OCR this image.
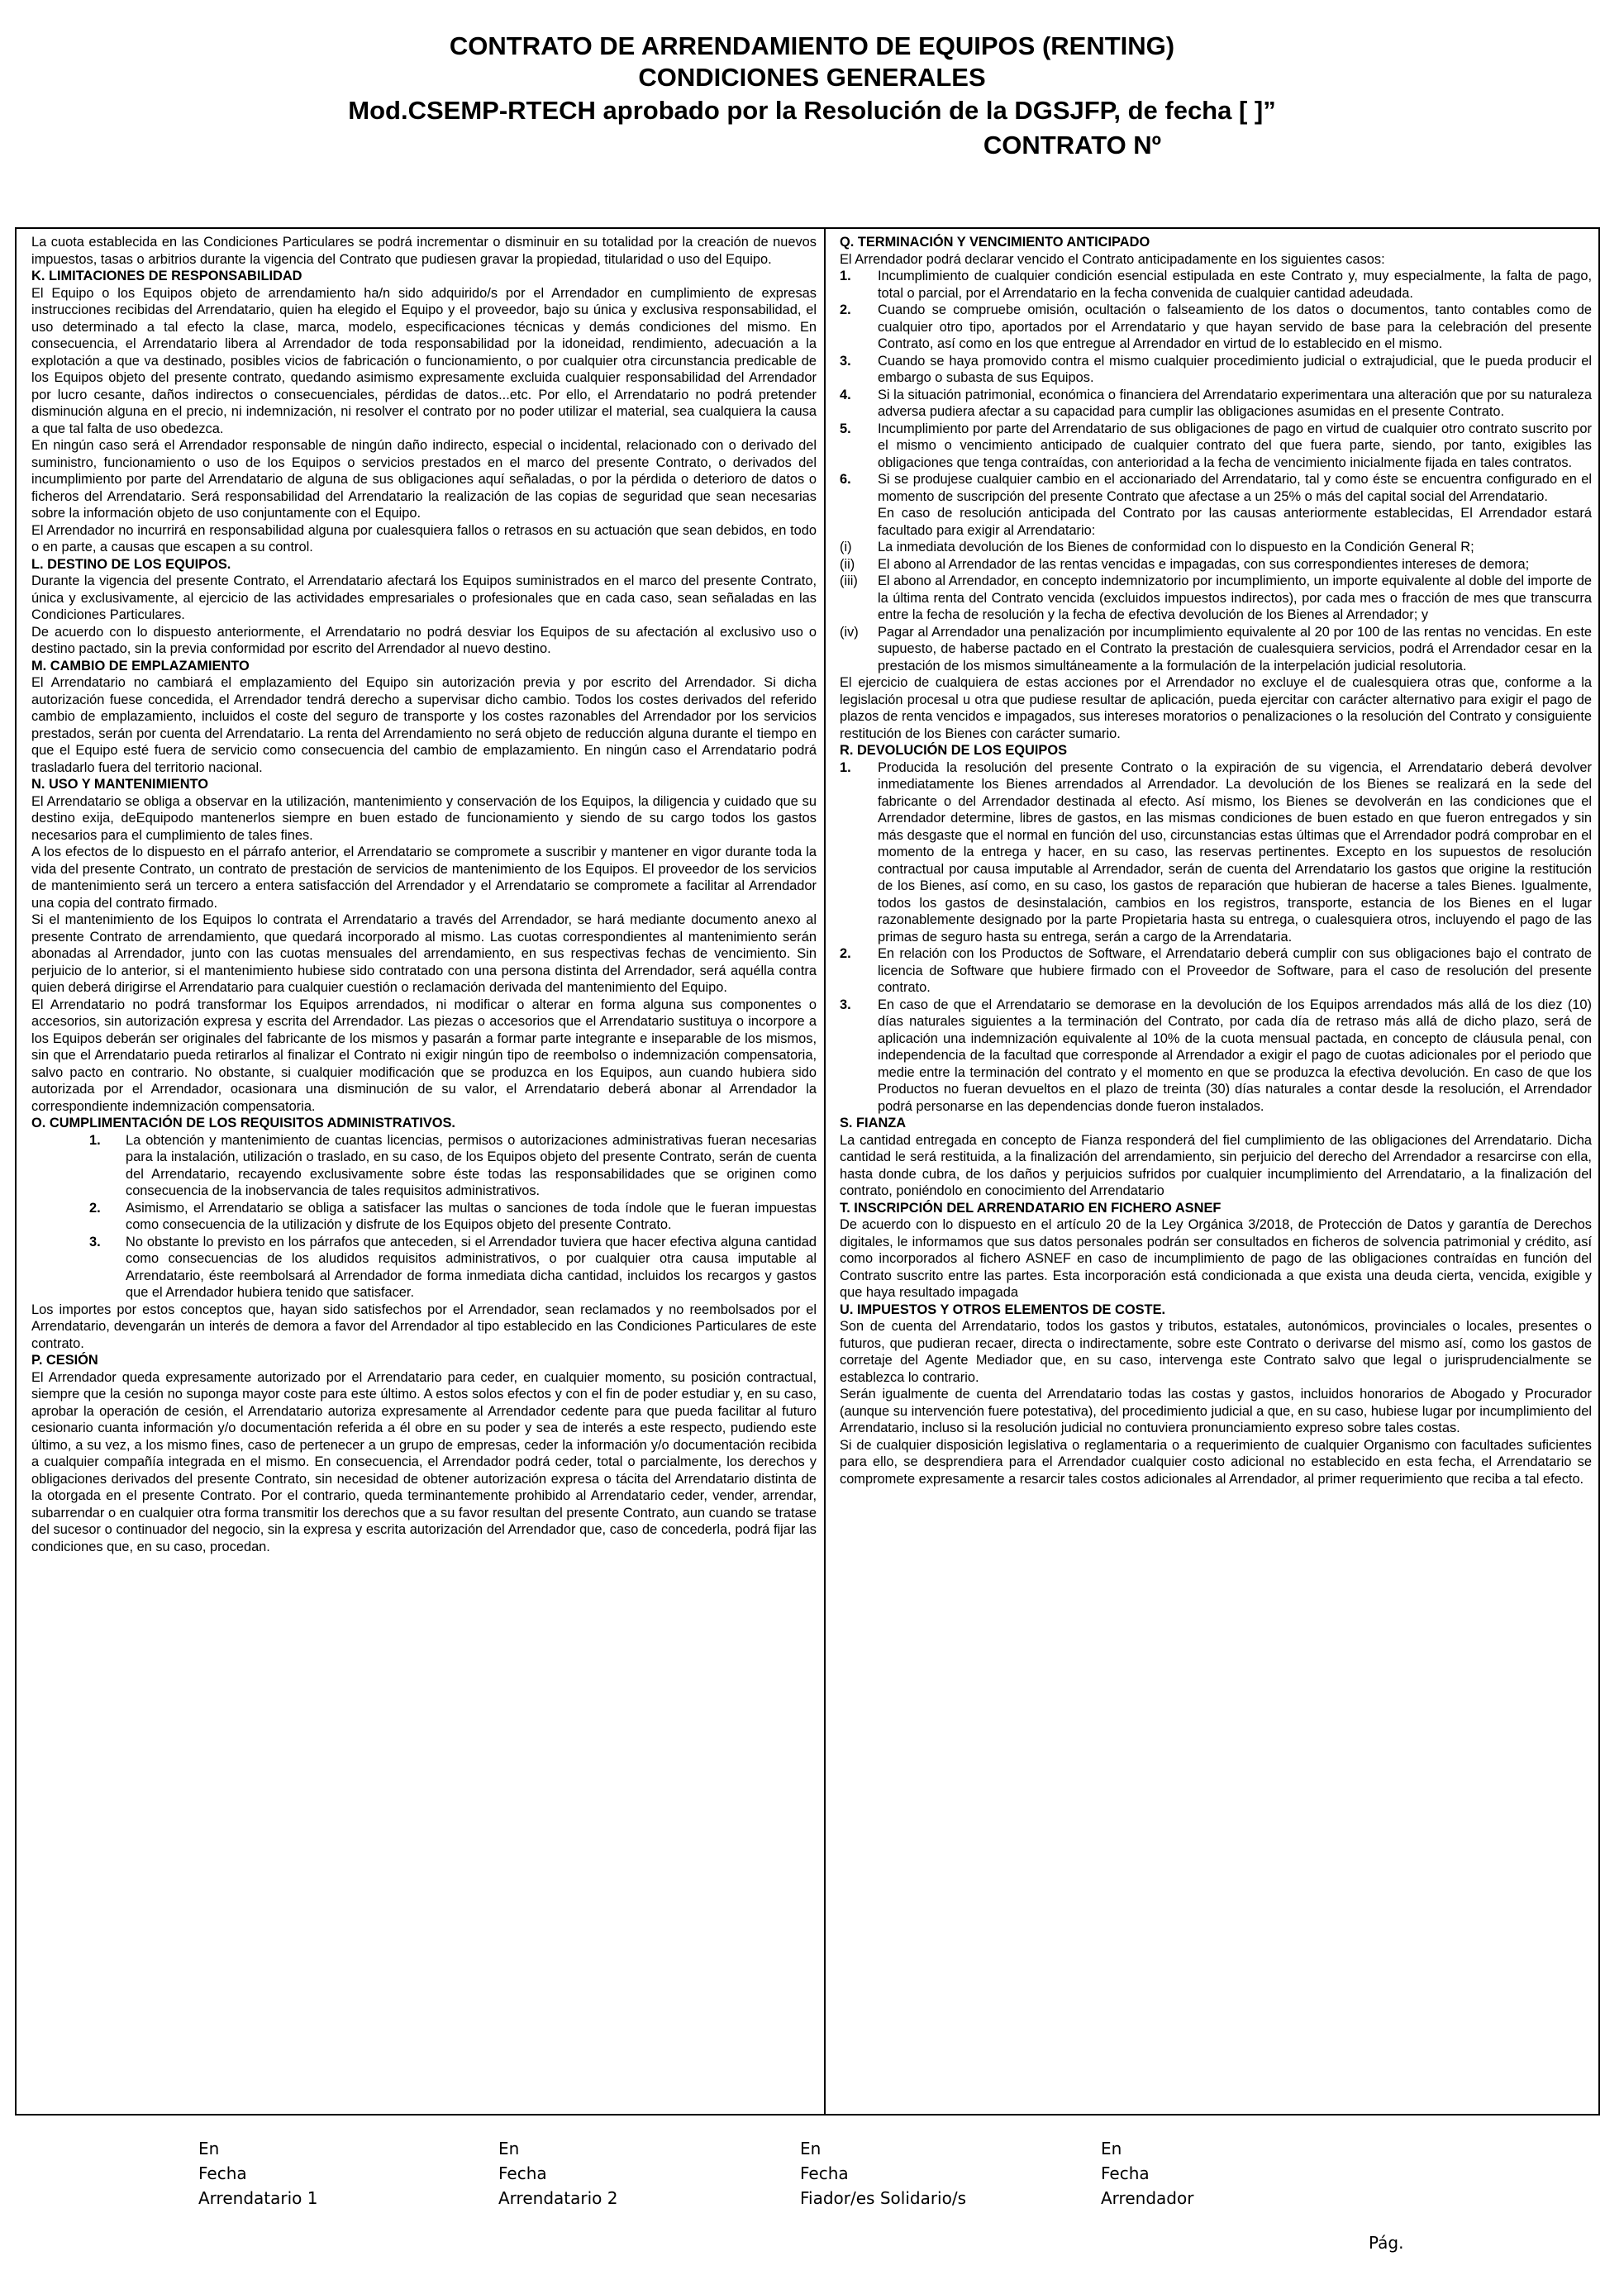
CONTRATO DE ARRENDAMIENTO DE EQUIPOS (RENTING)
CONDICIONES GENERALES
Mod.CSEMP-RTECH aprobado por la Resolución de la DGSJFP, de fecha [ ]”
CONTRATO Nº

La cuota establecida en las Condiciones Particulares se podrá incrementar o disminuir en su totalidad por la creación de nuevos impuestos, tasas o arbitrios durante la vigencia del Contrato que pudiesen gravar la propiedad, titularidad o uso del Equipo.

K. LIMITACIONES DE RESPONSABILIDAD

El Equipo o los Equipos objeto de arrendamiento ha/n sido adquirido/s por el Arrendador en cumplimiento de expresas instrucciones recibidas del Arrendatario, quien ha elegido el Equipo y el proveedor, bajo su única y exclusiva responsabilidad, el uso determinado a tal efecto la clase, marca, modelo, especificaciones técnicas y demás condiciones del mismo. En consecuencia, el Arrendatario libera al Arrendador de toda responsabilidad por la idoneidad, rendimiento, adecuación a la explotación a que va destinado, posibles vicios de fabricación o funcionamiento, o por cualquier otra circunstancia predicable de los Equipos objeto del presente contrato, quedando asimismo expresamente excluida cualquier responsabilidad del Arrendador por lucro cesante, daños indirectos o consecuenciales, pérdidas de datos...etc. Por ello, el Arrendatario no podrá pretender disminución alguna en el precio, ni indemnización, ni resolver el contrato por no poder utilizar el material, sea cualquiera la causa a que tal falta de uso obedezca.

En ningún caso será el Arrendador responsable de ningún daño indirecto, especial o incidental, relacionado con o derivado del suministro, funcionamiento o uso de los Equipos o servicios prestados en el marco del presente Contrato, o derivados del incumplimiento por parte del Arrendatario de alguna de sus obligaciones aquí señaladas, o por la pérdida o deterioro de datos o ficheros del Arrendatario. Será responsabilidad del Arrendatario la realización de las copias de seguridad que sean necesarias sobre la información objeto de uso conjuntamente con el Equipo.

El Arrendador no incurrirá en responsabilidad alguna por cualesquiera fallos o retrasos en su actuación que sean debidos, en todo o en parte, a causas que escapen a su control.

L. DESTINO DE LOS EQUIPOS.

Durante la vigencia del presente Contrato, el Arrendatario afectará los Equipos suministrados en el marco del presente Contrato, única y exclusivamente, al ejercicio de las actividades empresariales o profesionales que en cada caso, sean señaladas en las Condiciones Particulares.

De acuerdo con lo dispuesto anteriormente, el Arrendatario no podrá desviar los Equipos de su afectación al exclusivo uso o destino pactado, sin la previa conformidad por escrito del Arrendador al nuevo destino.

M. CAMBIO DE EMPLAZAMIENTO

El Arrendatario no cambiará el emplazamiento del Equipo sin autorización previa y por escrito del Arrendador. Si dicha autorización fuese concedida, el Arrendador tendrá derecho a supervisar dicho cambio. Todos los costes derivados del referido cambio de emplazamiento, incluidos el coste del seguro de transporte y los costes razonables del Arrendador por los servicios prestados, serán por cuenta del Arrendatario. La renta del Arrendamiento no será objeto de reducción alguna durante el tiempo en que el Equipo esté fuera de servicio como consecuencia del cambio de emplazamiento. En ningún caso el Arrendatario podrá trasladarlo fuera del territorio nacional.

N. USO Y MANTENIMIENTO

El Arrendatario se obliga a observar en la utilización, mantenimiento y conservación de los Equipos, la diligencia y cuidado que su destino exija, deEquipodo mantenerlos siempre en buen estado de funcionamiento y siendo de su cargo todos los gastos necesarios para el cumplimiento de tales fines.

A los efectos de lo dispuesto en el párrafo anterior, el Arrendatario se compromete a suscribir y mantener en vigor durante toda la vida del presente Contrato, un contrato de prestación de servicios de mantenimiento de los Equipos. El proveedor de los servicios de mantenimiento será un tercero a entera satisfacción del Arrendador y el Arrendatario se compromete a facilitar al Arrendador una copia del contrato firmado.

Si el mantenimiento de los Equipos lo contrata el Arrendatario a través del Arrendador, se hará mediante documento anexo al presente Contrato de arrendamiento, que quedará incorporado al mismo. Las cuotas correspondientes al mantenimiento serán abonadas al Arrendador, junto con las cuotas mensuales del arrendamiento, en sus respectivas fechas de vencimiento. Sin perjuicio de lo anterior, si el mantenimiento hubiese sido contratado con una persona distinta del Arrendador, será aquélla contra quien deberá dirigirse el Arrendatario para cualquier cuestión o reclamación derivada del mantenimiento del Equipo.

El Arrendatario no podrá transformar los Equipos arrendados, ni modificar o alterar en forma alguna sus componentes o accesorios, sin autorización expresa y escrita del Arrendador. Las piezas o accesorios que el Arrendatario sustituya o incorpore a los Equipos deberán ser originales del fabricante de los mismos y pasarán a formar parte integrante e inseparable de los mismos, sin que el Arrendatario pueda retirarlos al finalizar el Contrato ni exigir ningún tipo de reembolso o indemnización compensatoria, salvo pacto en contrario. No obstante, si cualquier modificación que se produzca en los Equipos, aun cuando hubiera sido autorizada por el Arrendador, ocasionara una disminución de su valor, el Arrendatario deberá abonar al Arrendador la correspondiente indemnización compensatoria.

O. CUMPLIMENTACIÓN DE LOS REQUISITOS ADMINISTRATIVOS.

1.	La obtención y mantenimiento de cuantas licencias, permisos o autorizaciones administrativas fueran necesarias para la instalación, utilización o traslado, en su caso, de los Equipos objeto del presente Contrato, serán de cuenta del Arrendatario, recayendo exclusivamente sobre éste todas las responsabilidades que se originen como consecuencia de la inobservancia de tales requisitos administrativos.
2.	Asimismo, el Arrendatario se obliga a satisfacer las multas o sanciones de toda índole que le fueran impuestas como consecuencia de la utilización y disfrute de los Equipos objeto del presente Contrato.
3.	No obstante lo previsto en los párrafos que anteceden, si el Arrendador tuviera que hacer efectiva alguna cantidad como consecuencias de los aludidos requisitos administrativos, o por cualquier otra causa imputable al Arrendatario, éste reembolsará al Arrendador de forma inmediata dicha cantidad, incluidos los recargos y gastos que el Arrendador hubiera tenido que satisfacer.

Los importes por estos conceptos que, hayan sido satisfechos por el Arrendador, sean reclamados y no reembolsados por el Arrendatario, devengarán un interés de demora a favor del Arrendador al tipo establecido en las Condiciones Particulares de este contrato.

P. CESIÓN

El Arrendador queda expresamente autorizado por el Arrendatario para ceder, en cualquier momento, su posición contractual, siempre que la cesión no suponga mayor coste para este último. A estos solos efectos y con el fin de poder estudiar y, en su caso, aprobar la operación de cesión, el Arrendatario autoriza expresamente al Arrendador cedente para que pueda facilitar al futuro cesionario cuanta información y/o documentación referida a él obre en su poder y sea de interés a este respecto, pudiendo este último, a su vez, a los mismo fines, caso de pertenecer a un grupo de empresas, ceder la información y/o documentación recibida a cualquier compañía integrada en el mismo. En consecuencia, el Arrendador podrá ceder, total o parcialmente, los derechos y obligaciones derivados del presente Contrato, sin necesidad de obtener autorización expresa o tácita del Arrendatario distinta de la otorgada en el presente Contrato. Por el contrario, queda terminantemente prohibido al Arrendatario ceder, vender, arrendar, subarrendar o en cualquier otra forma transmitir los derechos que a su favor resultan del presente Contrato, aun cuando se tratase del sucesor o continuador del negocio, sin la expresa y escrita autorización del Arrendador que, caso de concederla, podrá fijar las condiciones que, en su caso, procedan.

Q. TERMINACIÓN Y VENCIMIENTO ANTICIPADO

El Arrendador podrá declarar vencido el Contrato anticipadamente en los siguientes casos:

1.	Incumplimiento de cualquier condición esencial estipulada en este Contrato y, muy especialmente, la falta de pago, total o parcial, por el Arrendatario en la fecha convenida de cualquier cantidad adeudada.
2.	Cuando se compruebe omisión, ocultación o falseamiento de los datos o documentos, tanto contables como de cualquier otro tipo, aportados por el Arrendatario y que hayan servido de base para la celebración del presente Contrato, así como en los que entregue al Arrendador en virtud de lo establecido en el mismo.
3.	Cuando se haya promovido contra el mismo cualquier procedimiento judicial o extrajudicial, que le pueda producir el embargo o subasta de sus Equipos.
4.	Si la situación patrimonial, económica o financiera del Arrendatario experimentara una alteración que por su naturaleza adversa pudiera afectar a su capacidad para cumplir las obligaciones asumidas en el presente Contrato.
5.	Incumplimiento por parte del Arrendatario de sus obligaciones de pago en virtud de cualquier otro contrato suscrito por el mismo o vencimiento anticipado de cualquier contrato del que fuera parte, siendo, por tanto, exigibles las obligaciones que tenga contraídas, con anterioridad a la fecha de vencimiento inicialmente fijada en tales contratos.
6.	Si se produjese cualquier cambio en el accionariado del Arrendatario, tal y como éste se encuentra configurado en el momento de suscripción del presente Contrato que afectase a un 25% o más del capital social del Arrendatario.

En caso de resolución anticipada del Contrato por las causas anteriormente establecidas, El Arrendador estará facultado para exigir al Arrendatario:

(i)	La inmediata devolución de los Bienes de conformidad con lo dispuesto en la Condición General R;
(ii)	El abono al Arrendador de las rentas vencidas e impagadas, con sus correspondientes intereses de demora;
(iii)	El abono al Arrendador, en concepto indemnizatorio por incumplimiento, un importe equivalente al doble del importe de la última renta del Contrato vencida (excluidos impuestos indirectos), por cada mes o fracción de mes que transcurra entre la fecha de resolución y la fecha de efectiva devolución de los Bienes al Arrendador; y
(iv)	Pagar al Arrendador una penalización por incumplimiento equivalente al 20 por 100 de las rentas no vencidas. En este supuesto, de haberse pactado en el Contrato la prestación de cualesquiera servicios, podrá el Arrendador cesar en la prestación de los mismos simultáneamente a la formulación de la interpelación judicial resolutoria.

El ejercicio de cualquiera de estas acciones por el Arrendador no excluye el de cualesquiera otras que, conforme a la legislación procesal u otra que pudiese resultar de aplicación, pueda ejercitar con carácter alternativo para exigir el pago de plazos de renta vencidos e impagados, sus intereses moratorios o penalizaciones o la resolución del Contrato y consiguiente restitución de los Bienes con carácter sumario.

R. DEVOLUCIÓN DE LOS EQUIPOS

1.	Producida la resolución del presente Contrato o la expiración de su vigencia, el Arrendatario deberá devolver inmediatamente los Bienes arrendados al Arrendador. La devolución de los Bienes se realizará en la sede del fabricante o del Arrendador destinada al efecto. Así mismo, los Bienes se devolverán en las condiciones que el Arrendador determine, libres de gastos, en las mismas condiciones de buen estado en que fueron entregados y sin más desgaste que el normal en función del uso, circunstancias estas últimas que el Arrendador podrá comprobar en el momento de la entrega y hacer, en su caso, las reservas pertinentes. Excepto en los supuestos de resolución contractual por causa imputable al Arrendador, serán de cuenta del Arrendatario los gastos que origine la restitución de los Bienes, así como, en su caso, los gastos de reparación que hubieran de hacerse a tales Bienes. Igualmente, todos los gastos de desinstalación, cambios en los registros, transporte, estancia de los Bienes en el lugar razonablemente designado por la parte Propietaria hasta su entrega, o cualesquiera otros, incluyendo el pago de las primas de seguro hasta su entrega, serán a cargo de la Arrendataria.
2.	En relación con los Productos de Software, el Arrendatario deberá cumplir con sus obligaciones bajo el contrato de licencia de Software que hubiere firmado con el Proveedor de Software, para el caso de resolución del presente contrato.
3.	En caso de que el Arrendatario se demorase en la devolución de los Equipos arrendados más allá de los diez (10) días naturales siguientes a la terminación del Contrato, por cada día de retraso más allá de dicho plazo, será de aplicación una indemnización equivalente al 10% de la cuota mensual pactada, en concepto de cláusula penal, con independencia de la facultad que corresponde al Arrendador a exigir el pago de cuotas adicionales por el periodo que medie entre la terminación del contrato y el momento en que se produzca la efectiva devolución. En caso de que los Productos no fueran devueltos en el plazo de treinta (30) días naturales a contar desde la resolución, el Arrendador podrá personarse en las dependencias donde fueron instalados.

S. FIANZA

La cantidad entregada en concepto de Fianza responderá del fiel cumplimiento de las obligaciones del Arrendatario. Dicha cantidad le será restituida, a la finalización del arrendamiento, sin perjuicio del derecho del Arrendador a resarcirse con ella, hasta donde cubra, de los daños y perjuicios sufridos por cualquier incumplimiento del Arrendatario, a la finalización del contrato, poniéndolo en conocimiento del Arrendatario

T. INSCRIPCIÓN DEL ARRENDATARIO EN FICHERO ASNEF

De acuerdo con lo dispuesto en el artículo 20 de la Ley Orgánica 3/2018, de Protección de Datos y garantía de Derechos digitales, le informamos que sus datos personales podrán ser consultados en ficheros de solvencia patrimonial y crédito, así como incorporados al fichero ASNEF en caso de incumplimiento de pago de las obligaciones contraídas en función del Contrato suscrito entre las partes. Esta incorporación está condicionada a que exista una deuda cierta, vencida, exigible y que haya resultado impagada

U. IMPUESTOS Y OTROS ELEMENTOS DE COSTE.

Son de cuenta del Arrendatario, todos los gastos y tributos, estatales, autonómicos, provinciales o locales, presentes o futuros, que pudieran recaer, directa o indirectamente, sobre este Contrato o derivarse del mismo así, como los gastos de corretaje del Agente Mediador que, en su caso, intervenga este Contrato salvo que legal o jurisprudencialmente se establezca lo contrario.

Serán igualmente de cuenta del Arrendatario todas las costas y gastos, incluidos honorarios de Abogado y Procurador (aunque su intervención fuere potestativa), del procedimiento judicial a que, en su caso, hubiese lugar por incumplimiento del Arrendatario, incluso si la resolución judicial no contuviera pronunciamiento expreso sobre tales costas.

Si de cualquier disposición legislativa o reglamentaria o a requerimiento de cualquier Organismo con facultades suficientes para ello, se desprendiera para el Arrendador cualquier costo adicional no establecido en esta fecha, el Arrendatario se compromete expresamente a resarcir tales costos adicionales al Arrendador, al primer requerimiento que reciba a tal efecto.

En
Fecha
Arrendatario 1
En
Fecha
Arrendatario 2
En
Fecha
Fiador/es Solidario/s
En
Fecha
Arrendador
Pág.
